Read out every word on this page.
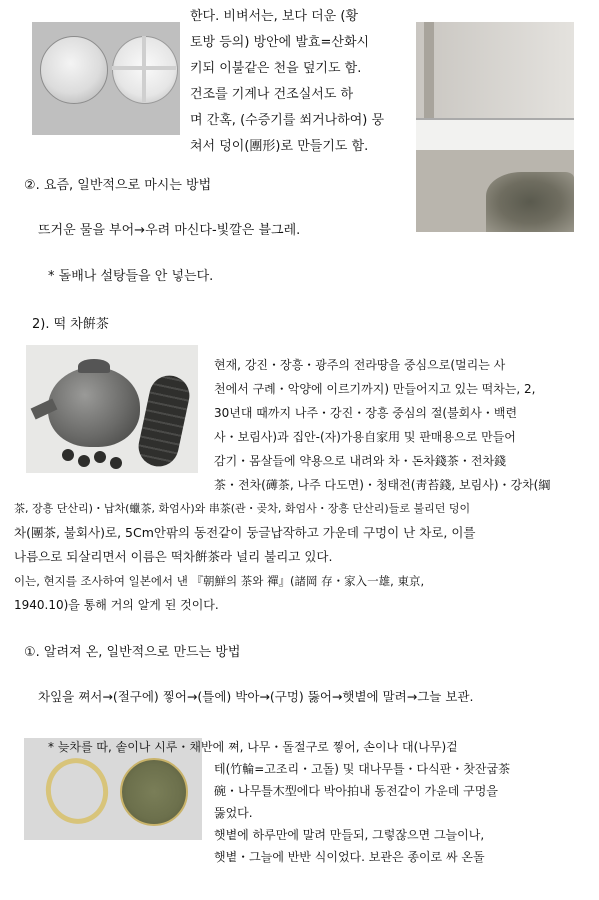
한다. 비벼서는, 보다 더운 (황
토방 등의) 방안에 발효=산화시
키되 이불같은 천을 덮기도 함.
건조를 기계나 건조실서도 하
며 간혹, (수증기를 쐬거나하여) 뭉
쳐서 덩이(團形)로 만들기도 함.
②. 요즘, 일반적으로 마시는 방법
뜨거운 물을 부어→우려 마신다-빛깔은 블그레.
* 돌배나 설탕들을 안 넣는다.
2). 떡 차餠茶
현재, 강진・장흥・광주의 전라땅을 중심으로(멀리는 사
천에서 구례・악양에 이르기까지) 만들어지고 있는 떡차는, 2,
30년대 때까지 나주・강진・장흥 중심의 절(불회사・백련
사・보림사)과 집안-(자)가용自家用 및 판매용으로 만들어
감기・몸살들에 약용으로 내려와 차・돈차錢茶・전차錢
茶・전차(礡茶, 나주 다도면)・청태전(靑苔錢, 보림사)・강차(綱
茶, 장흥 단산리)・납차(蠟茶, 화엄사)와 串茶(관・곶차, 화엄사・장흥 단산리)들로 불리던 덩이
차(團茶, 불회사)로, 5Cm안팎의 동전같이 둥글납작하고 가운데 구멍이 난 차로, 이를
나름으로 되살리면서 이름은 떡차餠茶라 널리 불리고 있다.
이는, 현지를 조사하여 일본에서 낸 『朝鮮의 茶와 禪』(諸岡 存・家入一雄, 東京,
1940.10)을 통해 거의 알게 된 것이다.
①. 알려져 온, 일반적으로 만드는 방법
차잎을 쪄서→(절구에) 찧어→(틀에) 박아→(구멍) 뚫어→햇볕에 말려→그늘 보관.
* 늦차를 따, 솥이나 시루・채반에 쪄, 나무・돌절구로 찧어, 손이나 대(나무)겉
테(竹輪=고조리・고돌) 및 대나무틀・다식판・찻잔굽茶
碗・나무틀木型에다 박아拍내 동전같이 가운데 구멍을
뚫었다.
햇볕에 하루만에 말려 만들되, 그렇잖으면 그늘이나,
햇볕・그늘에 반반 식이었다. 보관은 종이로 싸 온돌
